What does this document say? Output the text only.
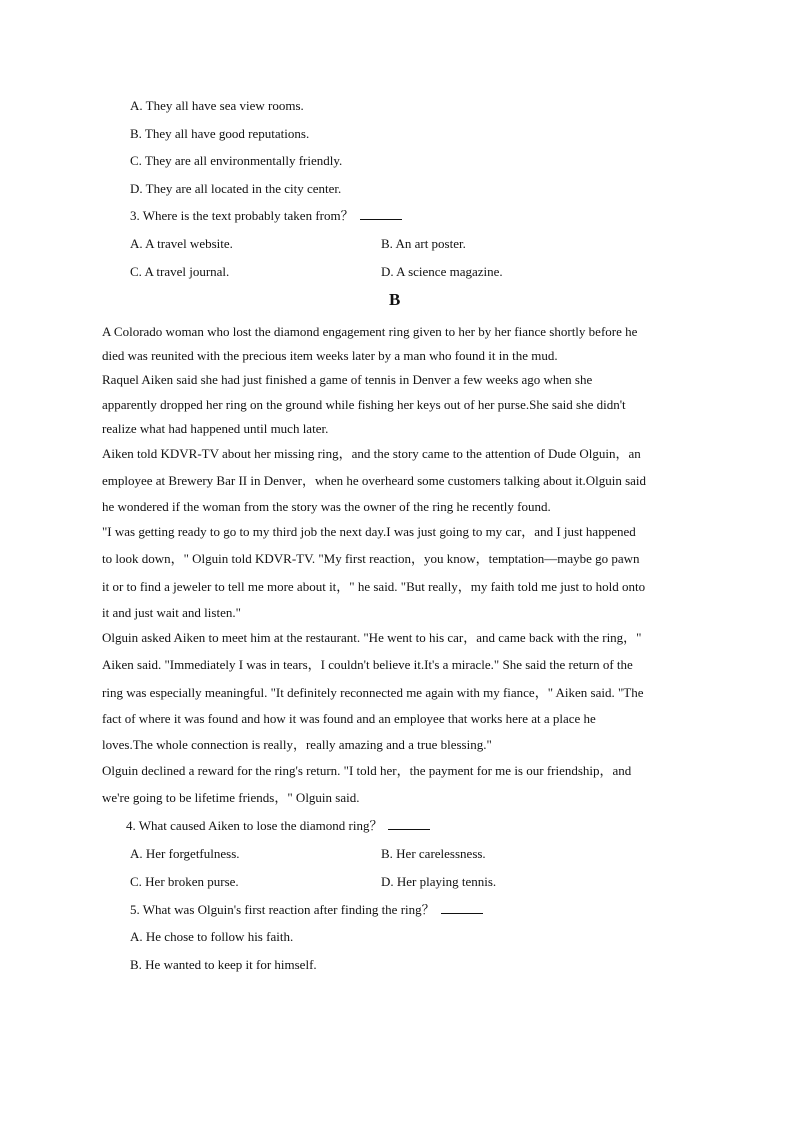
A. They all have sea view rooms.
B. They all have good reputations.
C. They are all environmentally friendly.
D. They are all located in the city center.
3. Where is the text probably taken from？
A. A travel website.	B. An art poster.
C. A travel journal.	D. A science magazine.
B
A Colorado woman who lost the diamond engagement ring given to her by her fiance shortly before he
died was reunited with the precious item weeks later by a man who found it in the mud.
Raquel Aiken said she had just finished a game of tennis in Denver a few weeks ago when she
apparently dropped her ring on the ground while fishing her keys out of her purse.She said she didn't
realize what had happened until much later.
Aiken told KDVR-TV about her missing ring，and the story came to the attention of Dude Olguin，an
employee at Brewery Bar II in Denver，when he overheard some customers talking about it.Olguin said
he wondered if the woman from the story was the owner of the ring he recently found.
"I was getting ready to go to my third job the next day.I was just going to my car，and I just happened
to look down，" Olguin told KDVR-TV. "My first reaction，you know，temptation—maybe go pawn
it or to find a jeweler to tell me more about it，" he said. "But really，my faith told me just to hold onto
it and just wait and listen."
Olguin asked Aiken to meet him at the restaurant. "He went to his car，and came back with the ring，"
Aiken said. "Immediately I was in tears，I couldn't believe it.It's a miracle." She said the return of the
ring was especially meaningful. "It definitely reconnected me again with my fiance，" Aiken said. "The
fact of where it was found and how it was found and an employee that works here at a place he
loves.The whole connection is really，really amazing and a true blessing."
Olguin declined a reward for the ring's return. "I told her，the payment for me is our friendship，and
we're going to be lifetime friends，" Olguin said.
4. What caused Aiken to lose the diamond ring？
A. Her forgetfulness.	B. Her carelessness.
C. Her broken purse.	D. Her playing tennis.
5. What was Olguin's first reaction after finding the ring？
A. He chose to follow his faith.
B. He wanted to keep it for himself.
